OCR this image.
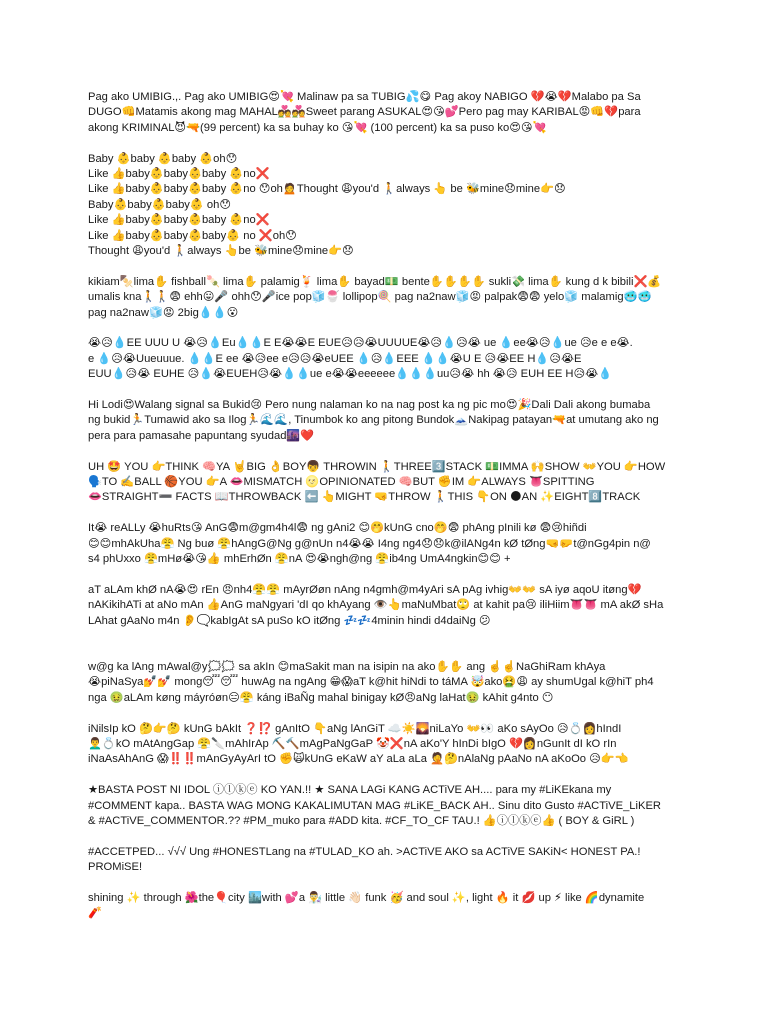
Pag ako UMIBIG.,. Pag ako UMIBIG😍💘 Malinaw pa sa TUBIG💦😋 Pag akoy NABIGO 💔😭💔Malabo pa Sa
DUGO👊Matamis akong mag MAHAL💑💑Sweet parang ASUKAL😍😘💕Pero pag may KARIBAL😡👊💔para
akong KRIMINAL😈🔫(99 percent) ka sa buhay ko 😘💘 (100 percent) ka sa puso ko😍😘💘

Baby 👶baby 👶baby 👶oh😯
Like 👍baby👶baby👶baby 👶no❌
Like 👍baby👶baby👶baby 👶no 😯oh🙍Thought 😩you'd 🚶always 👆 be 🐝mine😞mine👉😞
Baby👶baby👶baby👶 oh😯
Like 👍baby👶baby👶baby 👶no❌
Like 👍baby👶baby👶baby👶 no ❌oh😯
Thought 😩you'd 🚶always 👆be 🐝mine😞mine👉😞

kikiam🍢lima✋ fishball🍡 lima✋ palamig🍹 lima✋ bayad💵 bente✋✋✋✋ sukli💸 lima✋ kung d k bibili❌💰
umalis kna🚶🚶😨 ehh😛🎤 ohh😯🎤ice pop🧊🍧 lollipop🍭 pag na2naw🧊😡 palpak😨😨 yelo🧊 malamig🥶🥶
pag na2naw🧊😡 2big💧💧😮

😭😥💧EE UUU U 😭😥💧Eu💧💧E E😭😭E EUE😥😥😭UUUUE😭😥💧😥😭 ue 💧ee😭😥💧ue 😥e e e😭.
e 💧😥😭Uueuuue. 💧💧E ee 😭😥ee e😥😥😭eUEE 💧😥💧EEE 💧💧😭U E 😥😭EE H💧😥😭E
EUU💧😥😭 EUHE 😥💧😭EUEH😥😭💧💧ue e😭😭eeeeee💧💧💧uu😥😭 hh 😭😥 EUH EE H😥😭💧

Hi Lodi😍Walang signal sa Bukid😢 Pero nung nalaman ko na nag post ka ng pic mo😍🎉Dali Dali akong bumaba
ng bukid🏃Tumawid ako sa Ilog🏃🌊🌊, Tinumbok ko ang pitong Bundok🗻Nakipag patayan🔫at umutang ako ng
pera para pamasahe papuntang syudad🌆❤️

UH 🤩 YOU 👉THINK 🧠YA 🤘BIG 👌BOY👦 THROWIN 🚶THREE3️⃣STACK 💵IMMA 🙌SHOW 👐YOU 👉HOW
🗣️TO ✍️BALL 🏀YOU 👉A 👄MISMATCH 🌝OPINIONATED 🧠BUT ✊IM 👉ALWAYS 👅SPITTING
👄STRAIGHT➖ FACTS 📖THROWBACK ⬅️ 👆MIGHT 🤜THROW 🚶THIS 👇ON 🌑AN ✨EIGHT8️⃣TRACK

It😭 reALLy 😭huRts😘 AnG😨m@gm4h4l😨 ng gAni2 😊🤭kUnG cno🤭😨 phAng pInili kø 😨😢hiñdi
😊😊mhAkUha😤 Ng buø 😤hAngG@Ng g@nUn n4😭😭 I4ng ng4😞😞k@ilANg4n kØ tØng🤜🤛t@nGg4pin n@
s4 phUxxo 😤mHø😭😘👍 mhErhØn 😤nA 😍😭ngh@ng 😤ib4ng UmA4ngkin😊😊 +

aT aLAm khØ nA😭😍 rEn 😠nh4😤😤 mAyrØøn nAng n4gmh@m4yAri sA pAg ivhig👐👐 sA iyø aqoU itøng💔
nAKikihATi at aNo mAn 👍AnG maNgyari 'dI qo khAyang 👁️👆maNuMbat🙄 at kahit pa😢 iliHiim👅👅 mA akØ sHa
LAhat gAaNo m4n 👂🗨️kabIgAt sA puSo kO itØng 💤💤4minin hindi d4daiNg 😕

w@g ka lAng mAwal@y🗯️🗯️ sa akIn 😊maSakit man na isipin na ako✋✋ ang ☝️☝️NaGhiRam khAya
😭piNaSya💅💅 mong😴😴 huwAg na ngAng 😁😱aT k@hit hiNdi to táMA 🤯ako🤮😩 ay shumUgal k@hiT ph4
nga 🤢aLAm køng máyróøn😑😤 káng iBaÑg mahal binigay kØ😠aNg laHat🤢 kAhit g4nto 😶

iNilsIp kO 🤔👉🤔 kUnG bAkIt ❓⁉️ gAnItO 👇aNg lAnGiT ☁️☀️🌄niLaYo 👐👀 aKo sAyOo 😥💍👩hIndI
👨‍🦱💍kO mAtAngGap 😤🔪mAhIrAp ⛏️🔨mAgPaNgGaP 🤡❌nA aKo'Y hInDi bIgO 💔👩nGunIt dI kO rIn
iNaAsAhAnG 😱‼️‼️mAnGyAyArI tO ✊🙀kUnG eKaW aY aLa aLa 🤦🤔nAlaNg pAaNo nA aKoOo 😥👉👈

★BASTA POST NI IDOL ⓘⓛⓚⓔ KO YAN.!! ★ SANA LAGi KANG ACTiVE AH.... para my #LiKEkana my
#COMMENT kapa.. BASTA WAG MONG KAKALIMUTAN MAG #LiKE_BACK AH.. Sinu dito Gusto #ACTiVE_LiKER
& #ACTiVE_COMMENTOR.?? #PM_muko para #ADD kita. #CF_TO_CF TAU.! 👍ⓘⓛⓚⓔ👍 ( BOY & GiRL )

#ACCETPED... √√√ Ung #HONESTLang na #TULAD_KO ah. >ACTiVE AKO sa ACTiVE SAKiN< HONEST PA.!
PROMiSE!

shining ✨ through 🌺the🎈city 🏙️with 💕a 👨‍🔬 little 👋🏻 funk 🥳 and soul ✨, light 🔥 it 💋 up ⚡ like 🌈dynamite
🧨
